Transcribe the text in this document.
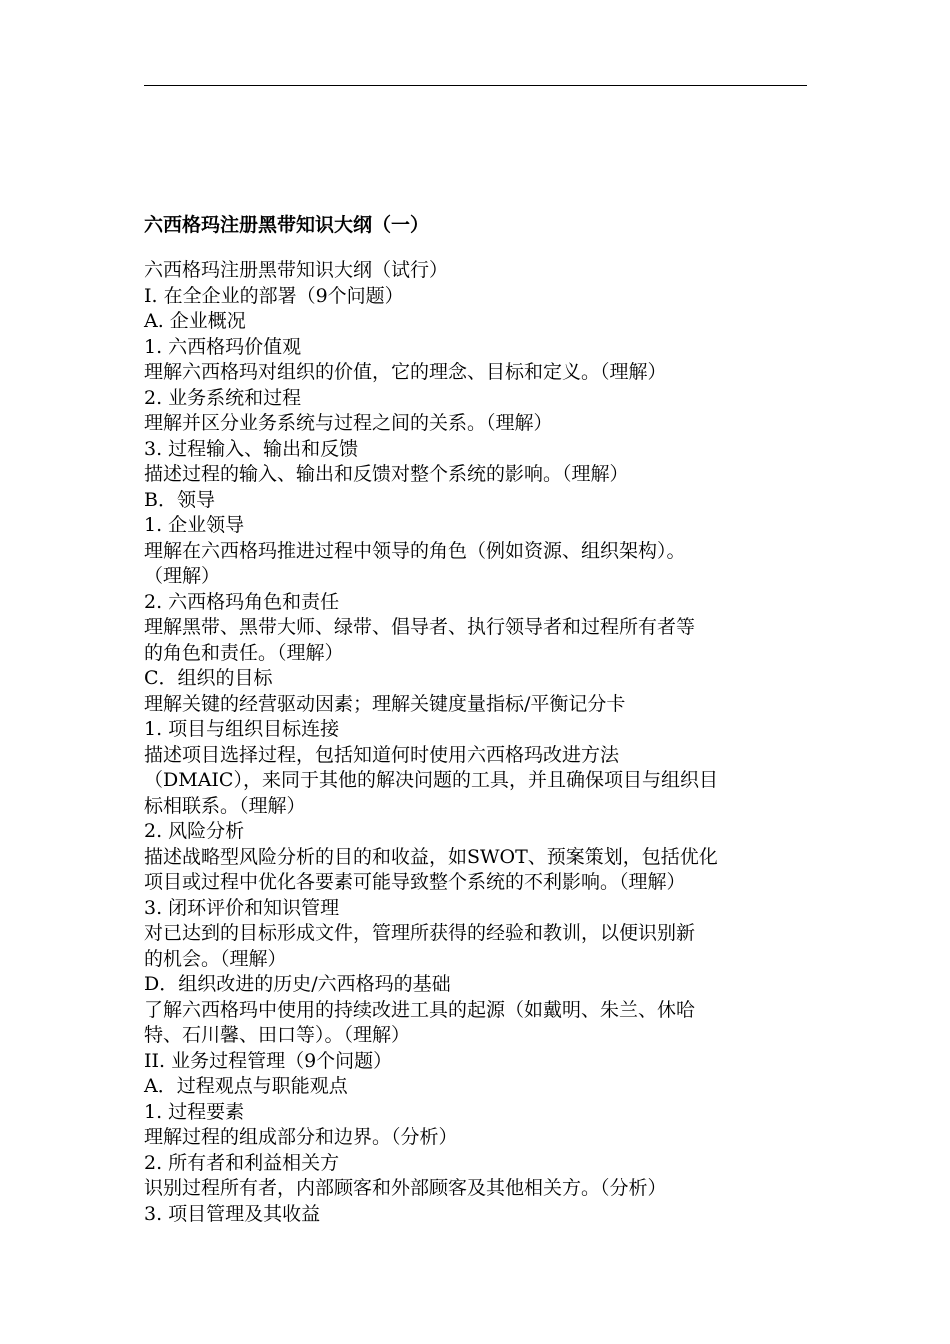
六西格玛注册黑带知识大纲（一）
六西格玛注册黑带知识大纲（试行）
I. 在全企业的部署（9个问题）
A. 企业概况
1. 六西格玛价值观
理解六西格玛对组织的价值，它的理念、目标和定义。（理解）
2. 业务系统和过程
理解并区分业务系统与过程之间的关系。（理解）
3. 过程输入、输出和反馈
描述过程的输入、输出和反馈对整个系统的影响。（理解）
B．领导
1. 企业领导
理解在六西格玛推进过程中领导的角色（例如资源、组织架构）。
（理解）
2. 六西格玛角色和责任
理解黑带、黑带大师、绿带、倡导者、执行领导者和过程所有者等
的角色和责任。（理解）
C．组织的目标
理解关键的经营驱动因素；理解关键度量指标/平衡记分卡
1. 项目与组织目标连接
描述项目选择过程，包括知道何时使用六西格玛改进方法
（DMAIC），来同于其他的解决问题的工具，并且确保项目与组织目
标相联系。（理解）
2. 风险分析
描述战略型风险分析的目的和收益，如SWOT、预案策划，包括优化
项目或过程中优化各要素可能导致整个系统的不利影响。（理解）
3. 闭环评价和知识管理
对已达到的目标形成文件，管理所获得的经验和教训，以便识别新
的机会。（理解）
D．组织改进的历史/六西格玛的基础
了解六西格玛中使用的持续改进工具的起源（如戴明、朱兰、休哈
特、石川馨、田口等）。（理解）
II. 业务过程管理（9个问题）
A．过程观点与职能观点
1. 过程要素
理解过程的组成部分和边界。（分析）
2. 所有者和利益相关方
识别过程所有者，内部顾客和外部顾客及其他相关方。（分析）
3. 项目管理及其收益
